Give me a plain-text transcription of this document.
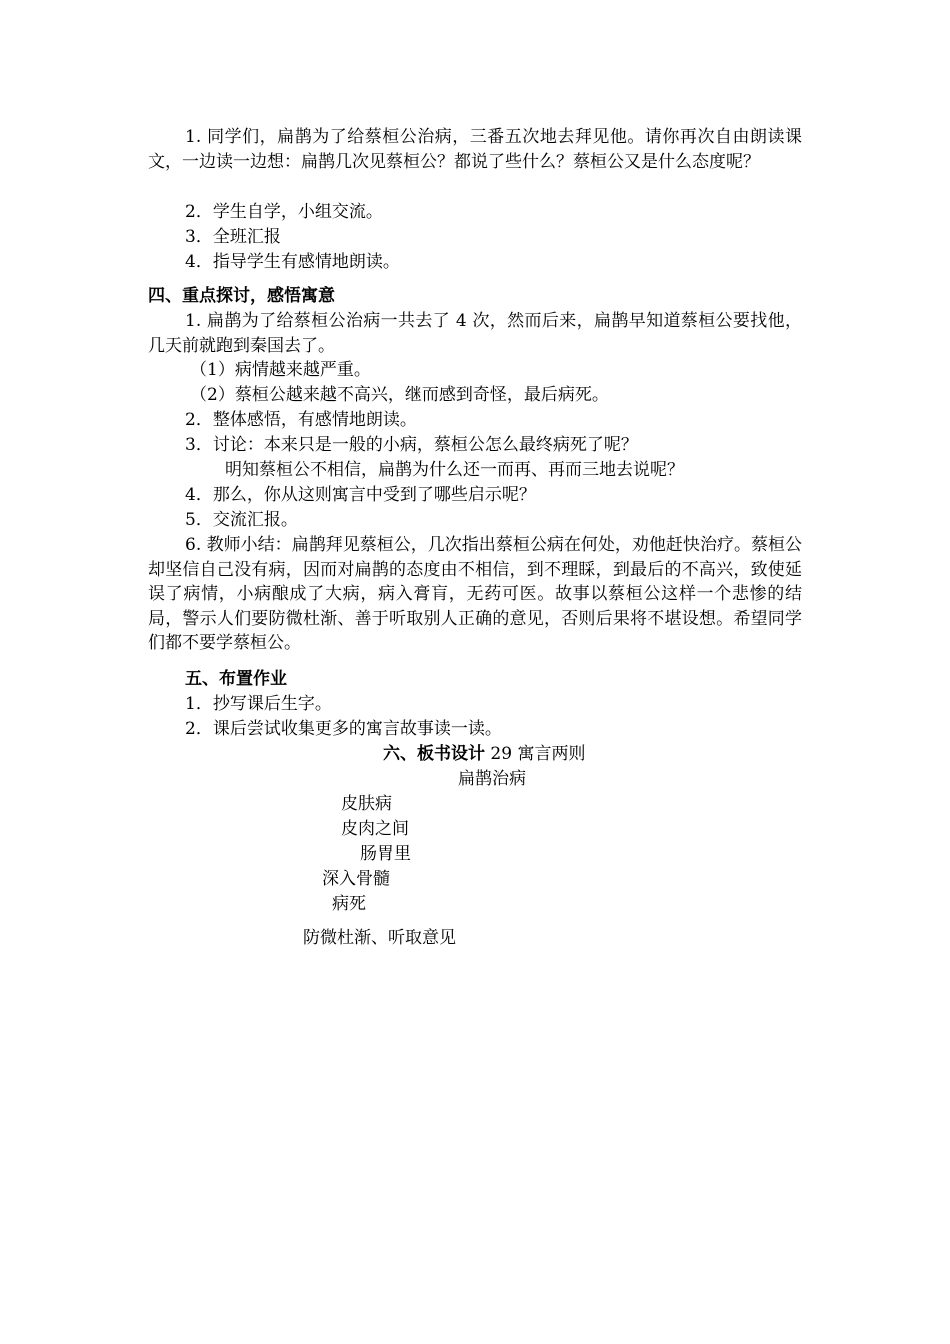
1. 同学们，扁鹊为了给蔡桓公治病，三番五次地去拜见他。请你再次自由朗读课文，一边读一边想：扁鹊几次见蔡桓公？都说了些什么？蔡桓公又是什么态度呢？
2．学生自学，小组交流。
3．全班汇报
4．指导学生有感情地朗读。
四、重点探讨，感悟寓意
1. 扁鹊为了给蔡桓公治病一共去了 4 次，然而后来，扁鹊早知道蔡桓公要找他，几天前就跑到秦国去了。
（1）病情越来越严重。
（2）蔡桓公越来越不高兴，继而感到奇怪，最后病死。
2．整体感悟，有感情地朗读。
3．讨论：本来只是一般的小病，蔡桓公怎么最终病死了呢？
明知蔡桓公不相信，扁鹊为什么还一而再、再而三地去说呢？
4．那么，你从这则寓言中受到了哪些启示呢？
5．交流汇报。
6. 教师小结：扁鹊拜见蔡桓公，几次指出蔡桓公病在何处，劝他赶快治疗。蔡桓公却坚信自己没有病，因而对扁鹊的态度由不相信，到不理睬，到最后的不高兴，致使延误了病情，小病酿成了大病，病入膏肓，无药可医。故事以蔡桓公这样一个悲惨的结局，警示人们要防微杜渐、善于听取别人正确的意见，否则后果将不堪设想。希望同学们都不要学蔡桓公。
五、布置作业
1．抄写课后生字。
2．课后尝试收集更多的寓言故事读一读。
六、板书设计 29 寓言两则
扁鹊治病
皮肤病
皮肉之间
肠胃里
深入骨髓
病死
防微杜渐、听取意见
